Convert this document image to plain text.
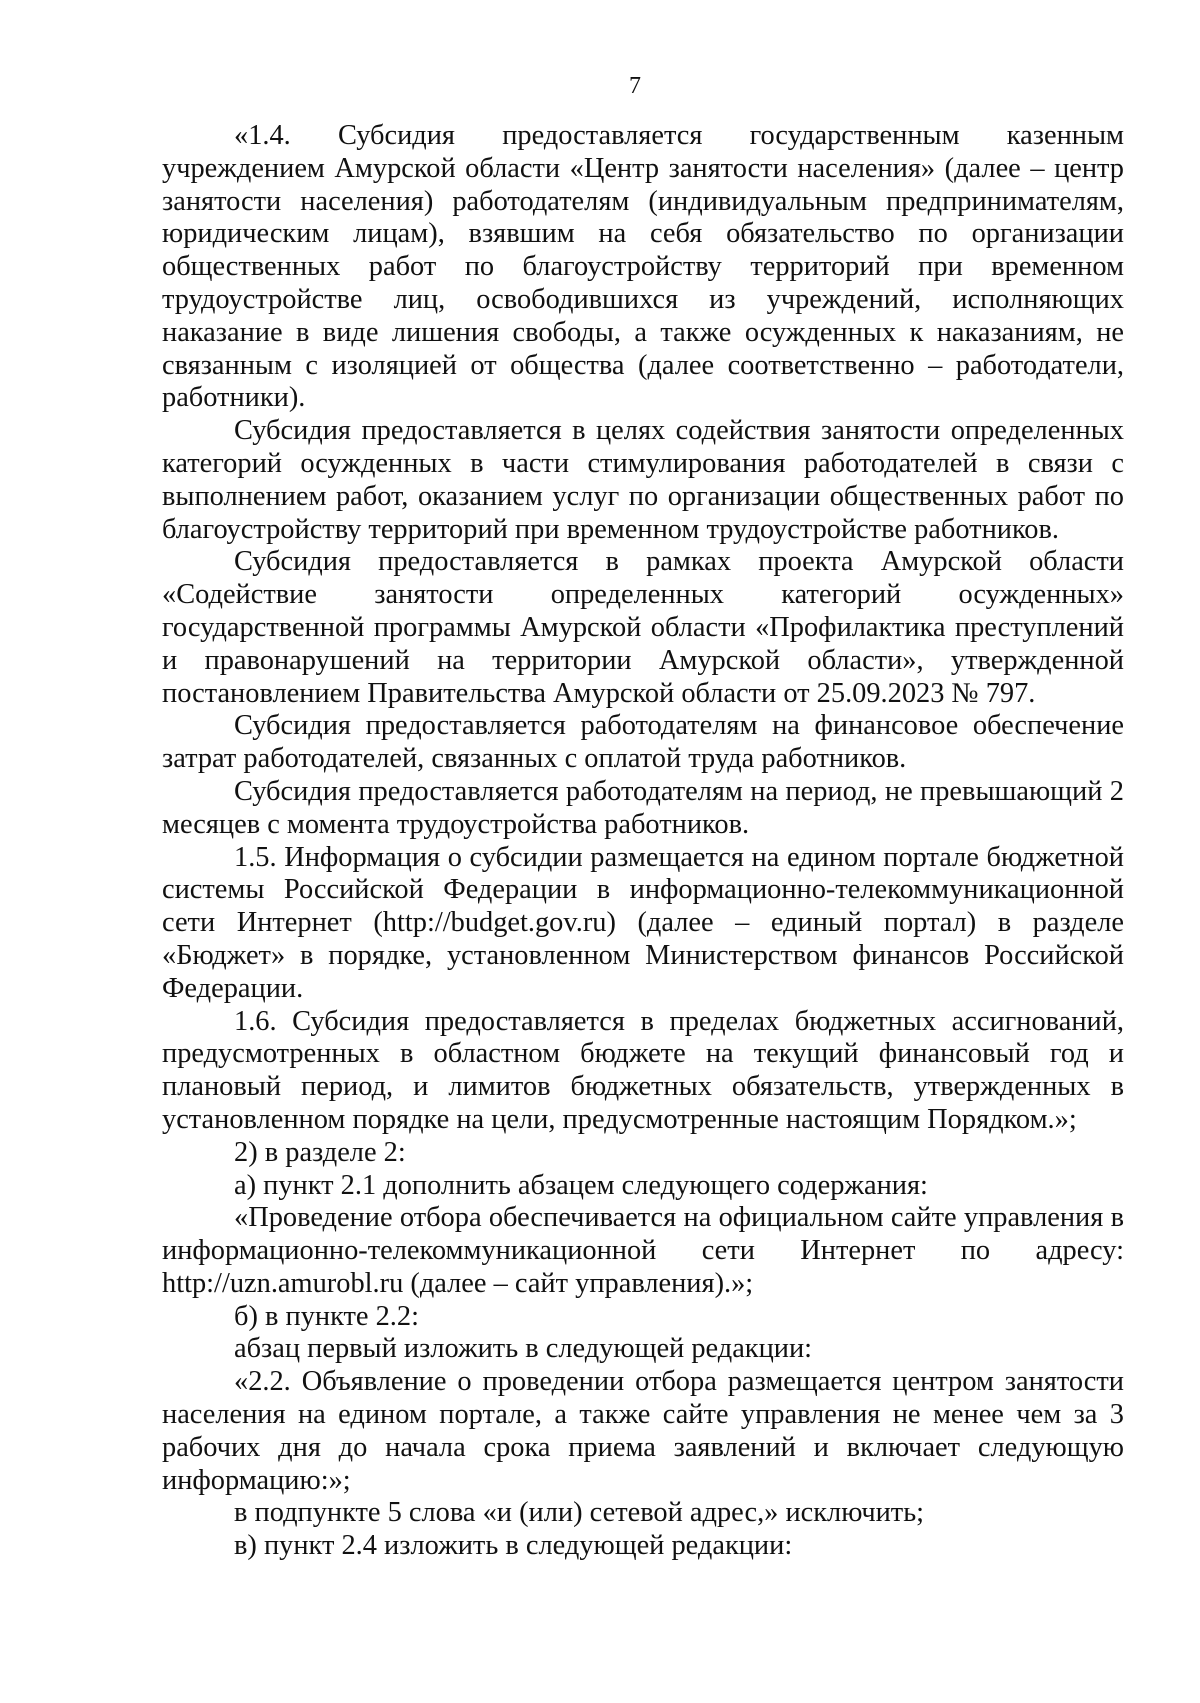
7

«1.4. Субсидия предоставляется государственным казенным учреждением Амурской области «Центр занятости населения» (далее – центр занятости населения) работодателям (индивидуальным предпринимателям, юридическим лицам), взявшим на себя обязательство по организации общественных работ по благоустройству территорий при временном трудоустройстве лиц, освободившихся из учреждений, исполняющих наказание в виде лишения свободы, а также осужденных к наказаниям, не связанным с изоляцией от общества (далее соответственно – работодатели, работники).

Субсидия предоставляется в целях содействия занятости определенных категорий осужденных в части стимулирования работодателей в связи с выполнением работ, оказанием услуг по организации общественных работ по благоустройству территорий при временном трудоустройстве работников.

Субсидия предоставляется в рамках проекта Амурской области «Содействие занятости определенных категорий осужденных» государственной программы Амурской области «Профилактика преступлений и правонарушений на территории Амурской области», утвержденной постановлением Правительства Амурской области от 25.09.2023 № 797.

Субсидия предоставляется работодателям на финансовое обеспечение затрат работодателей, связанных с оплатой труда работников.

Субсидия предоставляется работодателям на период, не превышающий 2 месяцев с момента трудоустройства работников.

1.5. Информация о субсидии размещается на едином портале бюджетной системы Российской Федерации в информационно-телекоммуникационной сети Интернет (http://budget.gov.ru) (далее – единый портал) в разделе «Бюджет» в порядке, установленном Министерством финансов Российской Федерации.

1.6. Субсидия предоставляется в пределах бюджетных ассигнований, предусмотренных в областном бюджете на текущий финансовый год и плановый период, и лимитов бюджетных обязательств, утвержденных в установленном порядке на цели, предусмотренные настоящим Порядком.»;

2) в разделе 2:

а) пункт 2.1 дополнить абзацем следующего содержания:

«Проведение отбора обеспечивается на официальном сайте управления в информационно-телекоммуникационной сети Интернет по адресу: http://uzn.amurobl.ru (далее – сайт управления).»;

б) в пункте 2.2:

абзац первый изложить в следующей редакции:

«2.2. Объявление о проведении отбора размещается центром занятости населения на едином портале, а также сайте управления не менее чем за 3 рабочих дня до начала срока приема заявлений и включает следующую информацию:»;

в подпункте 5 слова «и (или) сетевой адрес,» исключить;

в) пункт 2.4 изложить в следующей редакции:
